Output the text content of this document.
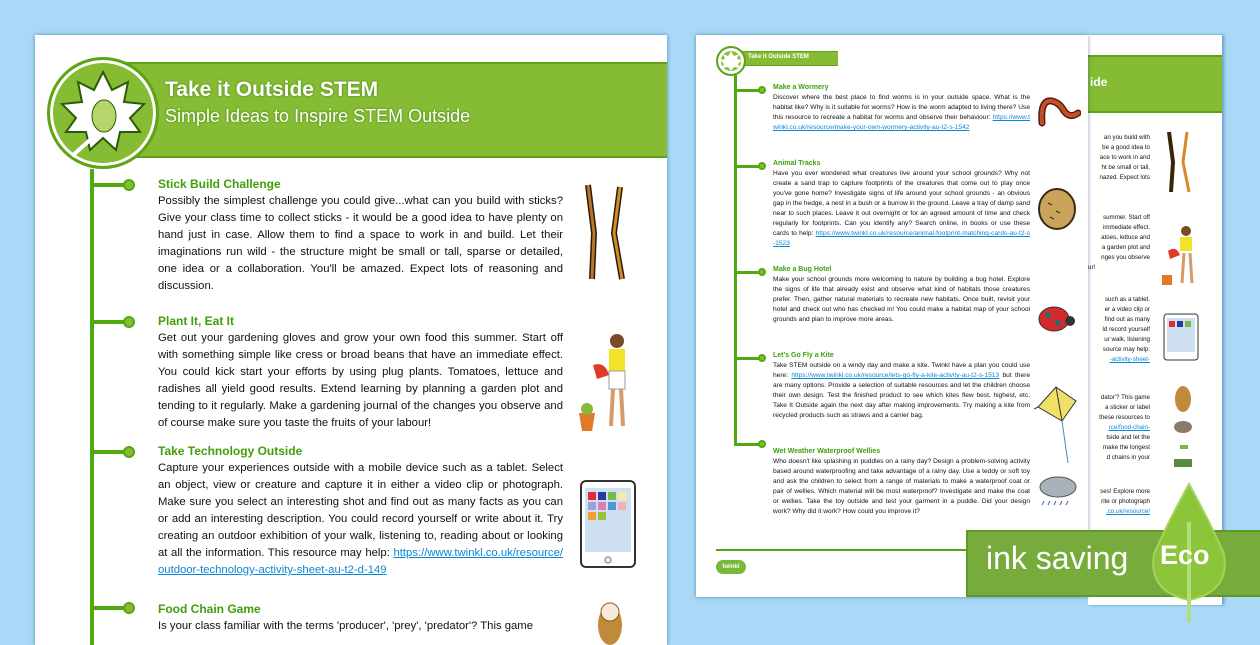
Take it Outside STEM
Simple Ideas to Inspire STEM Outside
Stick Build Challenge

Possibly the simplest challenge you could give...what can you build with sticks? Give your class time to collect sticks - it would be a good idea to have plenty on hand just in case. Allow them to find a space to work in and build. Let their imaginations run wild - the structure might be small or tall, sparse or detailed, one idea or a collaboration. You'll be amazed. Expect lots of reasoning and discussion.

Plant It, Eat It

Get out your gardening gloves and grow your own food this summer. Start off with something simple like cress or broad beans that have an immediate effect. You could kick start your efforts by using plug plants. Tomatoes, lettuce and radishes all yield good results. Extend learning by planning a garden plot and tending to it regularly. Make a gardening journal of the changes you observe and of course make sure you taste the fruits of your labour!

Take Technology Outside

Capture your experiences outside with a mobile device such as a tablet. Select an object, view or creature and capture it in either a video clip or photograph. Make sure you select an interesting shot and find out as many facts as you can or add an interesting description. You could record yourself or write about it. Try creating an outdoor exhibition of your walk, listening to, reading about or looking at all the information. This resource may help: https://www.twinkl.co.uk/resource/outdoor-technology-activity-sheet-au-t2-d-149

Food Chain Game

Is your class familiar with the terms 'producer', 'prey', 'predator'? This game

ide
an you build with
be a good idea to
ace to work in and
ht be small or tall,
nazed. Expect lots
summer. Start off
immediate effect.
atoes, lettuce and
a garden plot and
nges you observe
ur!
such as a tablet.
er a video clip or
find out as many
ld record yourself
ur walk, listening
source may help:
-activity-sheet-
dator'? This game
a sticker or label
these resources to
rce/food-chain-
tside and let the
make the longest
d chains in your
ses! Explore more
rite or photograph
.co.uk/resource/
Take it Outside STEM
Make a Wormery

Discover where the best place to find worms is in your outside space. What is the habitat like? Why is it suitable for worms? How is the worm adapted to living there? Use this resource to recreate a habitat for worms and observe their behaviour: https://www.twinkl.co.uk/resource/make-your-own-wormery-activity-au-t2-s-1542

Animal Tracks

Have you ever wondered what creatures live around your school grounds? Why not create a sand trap to capture footprints of the creatures that come out to play once you've gone home? Investigate signs of life around your school grounds - an obvious gap in the hedge, a nest in a bush or a burrow in the ground. Leave a tray of damp sand near to such places. Leave it out overnight or for an agreed amount of time and check regularly for footprints. Can you identify any? Search online, in books or use these cards to help: https://www.twinkl.co.uk/resource/animal-footprint-matching-cards-au-t2-s-1523

Make a Bug Hotel

Make your school grounds more welcoming to nature by building a bug hotel. Explore the signs of life that already exist and observe what kind of habitats those creatures prefer. Then, gather natural materials to recreate new habitats. Once built, revisit your hotel and check out who has checked in! You could make a habitat map of your school grounds and plan to improve more areas.

Let's Go Fly a Kite

Take STEM outside on a windy day and make a kite. Twinkl have a plan you could use here: https://www.twinkl.co.uk/resource/lets-go-fly-a-kite-activity-au-t2-s-1513 but there are many options. Provide a selection of suitable resources and let the children choose their own design. Test the finished product to see which kites flew best, highest, etc. Take It Outside again the next day after making improvements. Try making a kite from recycled products such as straws and a carrier bag.

Wet Weather Waterproof Wellies

Who doesn't like splashing in puddles on a rainy day? Design a problem-solving activity based around waterproofing and take advantage of a rainy day. Use a teddy or soft toy and ask the children to select from a range of materials to make a waterproof coat or pair of wellies. Which material will be most waterproof? Investigate and make the coat or wellies. Take the toy outside and test your garment in a puddle. Did your design work? Why did it work? How could you improve it?

twinkl	ink saving Eco
